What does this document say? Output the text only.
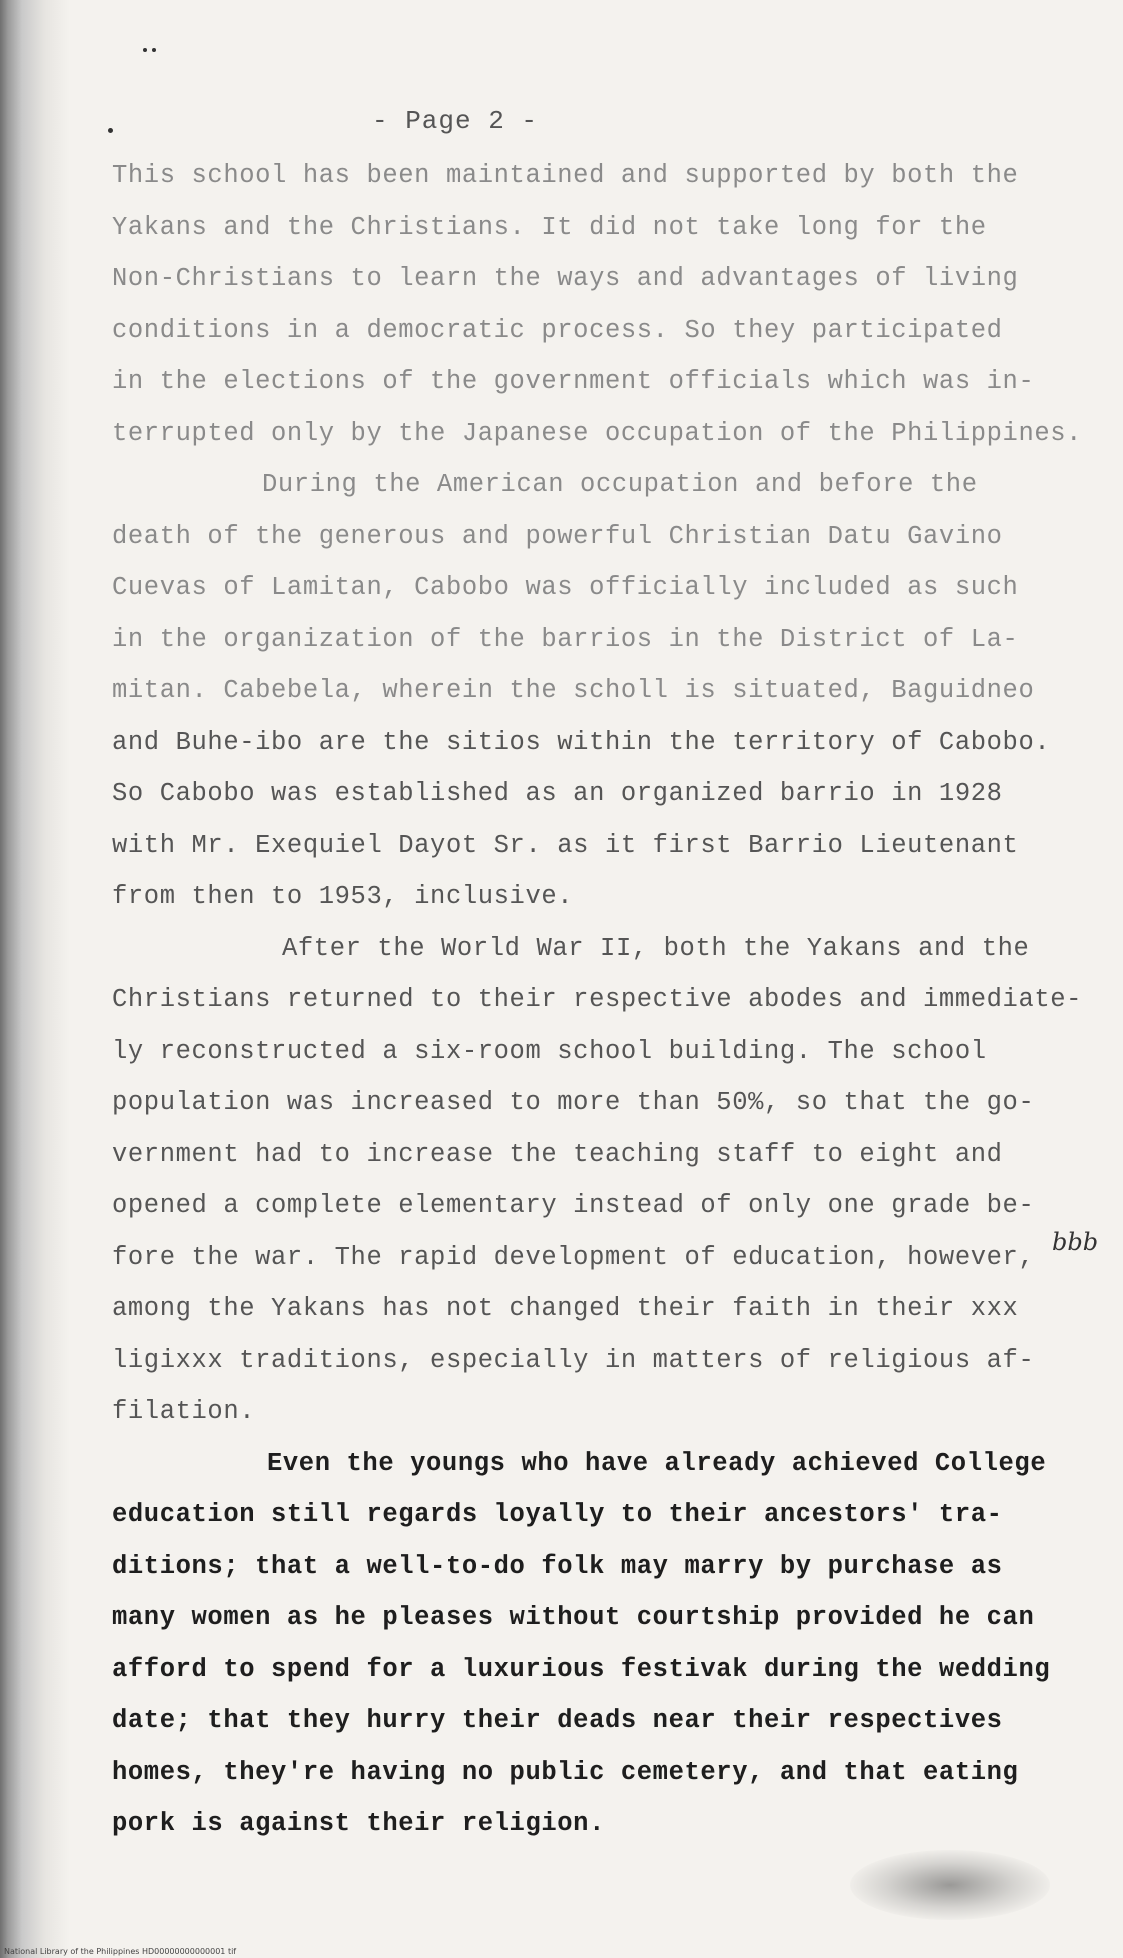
- Page 2 -
This school has been maintained and supported by both the
Yakans and the Christians. It did not take long for the
Non-Christians to learn the ways and advantages of living
conditions in a democratic process. So they participated
in the elections of the government officials which was in-
terrupted only by the Japanese occupation of the Philippines.
During the American occupation and before the
death of the generous and powerful Christian Datu Gavino
Cuevas of Lamitan, Cabobo was officially included as such
in the organization of the barrios in the District of La-
mitan. Cabebela, wherein the scholl is situated, Baguidneo
and Buhe-ibo are the sitios within the territory of Cabobo.
So Cabobo was established as an organized barrio in 1928
with Mr. Exequiel Dayot Sr. as it first Barrio Lieutenant
from then to 1953, inclusive.
After the World War II, both the Yakans and the
Christians returned to their respective abodes and immediate-
ly reconstructed a six-room school building. The school
population was increased to more than 50%, so that the go-
vernment had to increase the teaching staff to eight and
opened a complete elementary instead of only one grade be-
fore the war. The rapid development of education, however,
among the Yakans has not changed their faith in their xxx
ligixxx traditions, especially in matters of religious af-
filation.
Even the youngs who have already achieved College
education still regards loyally to their ancestors' tra-
ditions; that a well-to-do folk may marry by purchase as
many women as he pleases without courtship provided he can
afford to spend for a luxurious festivak during the wedding
date; that they hurry their deads near their respectives
homes, they're having no public cemetery, and that eating
pork is against their religion.
bbb
National Library of the Philippines HD00000000000001 tif
